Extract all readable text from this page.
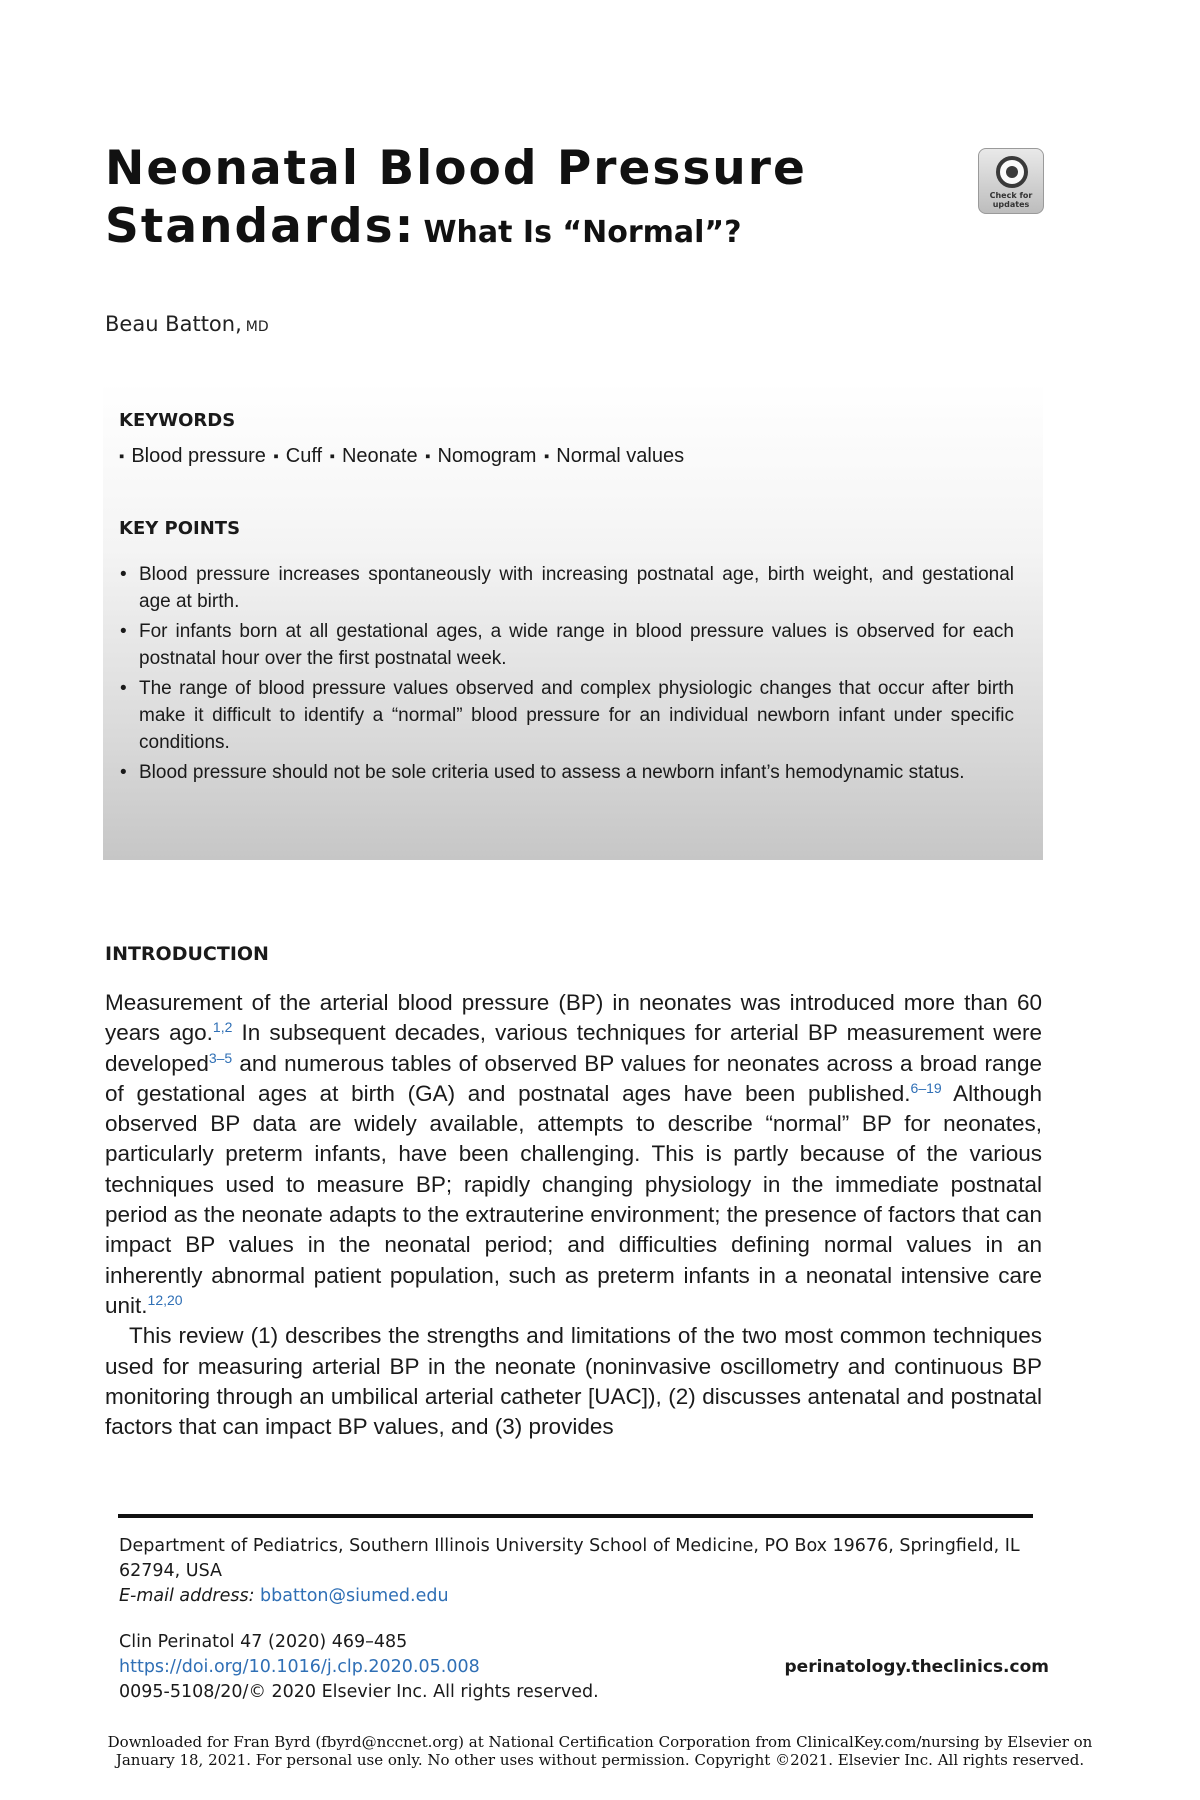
Neonatal Blood Pressure
Standards: What Is “Normal”?
Check for updates
Beau Batton, MD
KEYWORDS
▪ Blood pressure ▪ Cuff ▪ Neonate ▪ Nomogram ▪ Normal values
KEY POINTS
• Blood pressure increases spontaneously with increasing postnatal age, birth weight, and gestational age at birth.
• For infants born at all gestational ages, a wide range in blood pressure values is observed for each postnatal hour over the first postnatal week.
• The range of blood pressure values observed and complex physiologic changes that occur after birth make it difficult to identify a “normal” blood pressure for an individual newborn infant under specific conditions.
• Blood pressure should not be sole criteria used to assess a newborn infant’s hemodynamic status.
INTRODUCTION

Measurement of the arterial blood pressure (BP) in neonates was introduced more than 60 years ago.$^{1,2}$ In subsequent decades, various techniques for arterial BP measurement were developed$^{3-5}$ and numerous tables of observed BP values for neonates across a broad range of gestational ages at birth (GA) and postnatal ages have been published.$^{6-19}$ Although observed BP data are widely available, attempts to describe “normal” BP for neonates, particularly preterm infants, have been challenging. This is partly because of the various techniques used to measure BP; rapidly changing physiology in the immediate postnatal period as the neonate adapts to the extrauterine environment; the presence of factors that can impact BP values in the neonatal period; and difficulties defining normal values in an inherently abnormal patient population, such as preterm infants in a neonatal intensive care unit.$^{12,20}$

This review (1) describes the strengths and limitations of the two most common techniques used for measuring arterial BP in the neonate (noninvasive oscillometry and continuous BP monitoring through an umbilical arterial catheter [UAC]), (2) discusses antenatal and postnatal factors that can impact BP values, and (3) provides

Department of Pediatrics, Southern Illinois University School of Medicine, PO Box 19676, Springfield, IL 62794, USA
E-mail address: bbatton@siumed.edu
Clin Perinatol 47 (2020) 469–485
https://doi.org/10.1016/j.clp.2020.05.008
0095-5108/20/© 2020 Elsevier Inc. All rights reserved.
perinatology.theclinics.com
Downloaded for Fran Byrd (fbyrd@nccnet.org) at National Certification Corporation from ClinicalKey.com/nursing by Elsevier on
January 18, 2021. For personal use only. No other uses without permission. Copyright ©2021. Elsevier Inc. All rights reserved.
